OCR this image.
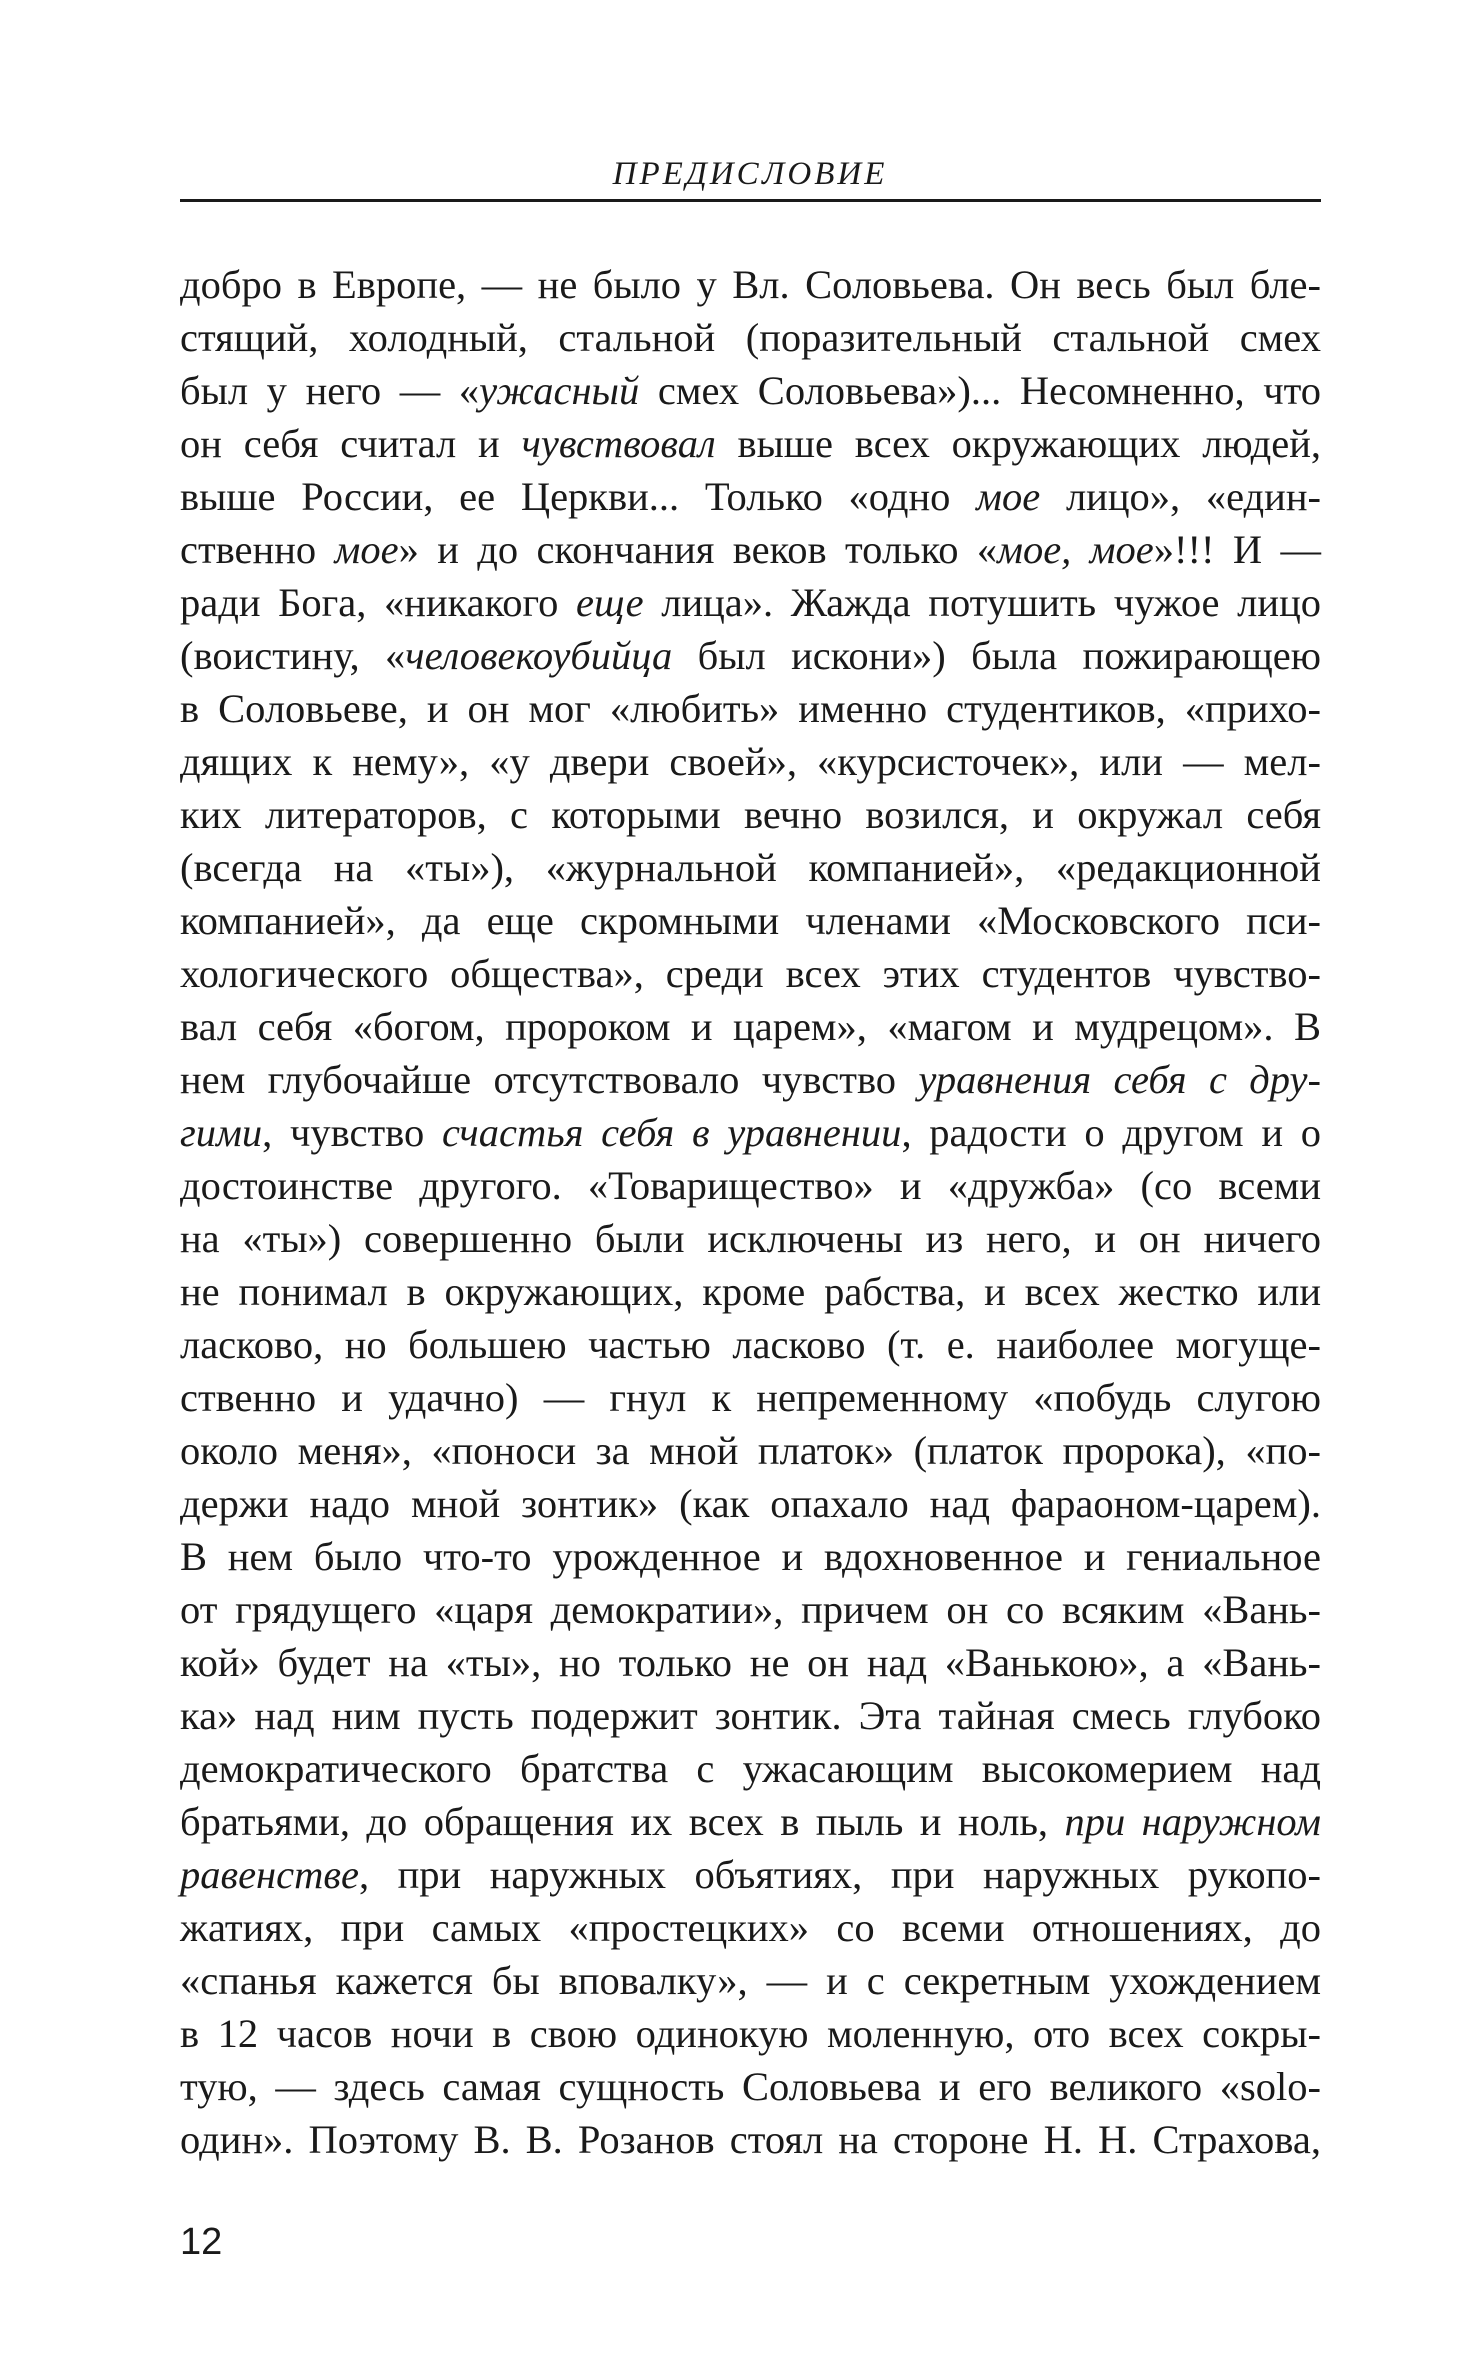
ПРЕДИСЛОВИЕ
добро в Европе, — не было у Вл. Соловьева. Он весь был бле-
стящий, холодный, стальной (поразительный стальной смех
был у него — «ужасный смех Соловьева»)... Несомненно, что
он себя считал и чувствовал выше всех окружающих людей,
выше России, ее Церкви... Только «одно мое лицо», «един-
ственно мое» и до скончания веков только «мое, мое»!!! И —
ради Бога, «никакого еще лица». Жажда потушить чужое лицо
(воистину, «человекоубийца был искони») была пожирающею
в Соловьеве, и он мог «любить» именно студентиков, «прихо-
дящих к нему», «у двери своей», «курсисточек», или — мел-
ких литераторов, с которыми вечно возился, и окружал себя
(всегда на «ты»), «журнальной компанией», «редакционной
компанией», да еще скромными членами «Московского пси-
хологического общества», среди всех этих студентов чувство-
вал себя «богом, пророком и царем», «магом и мудрецом». В
нем глубочайше отсутствовало чувство уравнения себя с дру-
гими, чувство счастья себя в уравнении, радости о другом и о
достоинстве другого. «Товарищество» и «дружба» (со всеми
на «ты») совершенно были исключены из него, и он ничего
не понимал в окружающих, кроме рабства, и всех жестко или
ласково, но большею частью ласково (т. е. наиболее могуще-
ственно и удачно) — гнул к непременному «побудь слугою
около меня», «поноси за мной платок» (платок пророка), «по-
держи надо мной зонтик» (как опахало над фараоном-царем).
В нем было что-то урожденное и вдохновенное и гениальное
от грядущего «царя демократии», причем он со всяким «Вань-
кой» будет на «ты», но только не он над «Ванькою», а «Вань-
ка» над ним пусть подержит зонтик. Эта тайная смесь глубоко
демократического братства с ужасающим высокомерием над
братьями, до обращения их всех в пыль и ноль, при наружном
равенстве, при наружных объятиях, при наружных рукопо-
жатиях, при самых «простецких» со всеми отношениях, до
«спанья кажется бы вповалку», — и с секретным ухождением
в 12 часов ночи в свою одинокую моленную, ото всех сокры-
тую, — здесь самая сущность Соловьева и его великого «solo-
один». Поэтому В. В. Розанов стоял на стороне Н. Н. Страхова,
12
